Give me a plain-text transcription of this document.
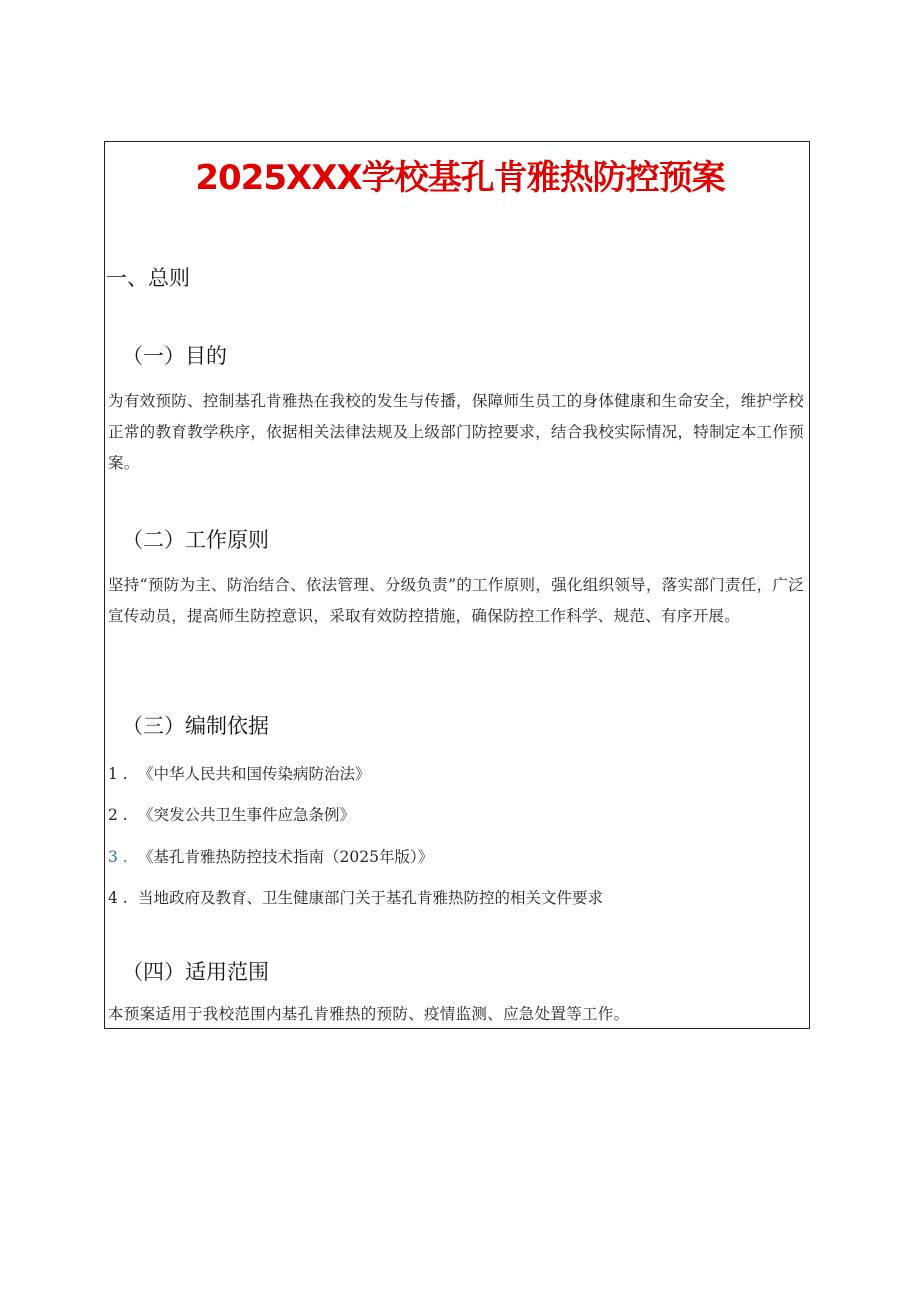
2025XXX学校基孔肯雅热防控预案
一、总则
（一）目的
为有效预防、控制基孔肯雅热在我校的发生与传播，保障师生员工的身体健康和生命安全，维护学校正常的教育教学秩序，依据相关法律法规及上级部门防控要求，结合我校实际情况，特制定本工作预案。
（二）工作原则
坚持“预防为主、防治结合、依法管理、分级负责”的工作原则，强化组织领导，落实部门责任，广泛宣传动员，提高师生防控意识，采取有效防控措施，确保防控工作科学、规范、有序开展。
（三）编制依据
1 . 《中华人民共和国传染病防治法》
2 . 《突发公共卫生事件应急条例》
3 . 《基孔肯雅热防控技术指南（2025年版）》
4 . 当地政府及教育、卫生健康部门关于基孔肯雅热防控的相关文件要求
（四）适用范围
本预案适用于我校范围内基孔肯雅热的预防、疫情监测、应急处置等工作。
